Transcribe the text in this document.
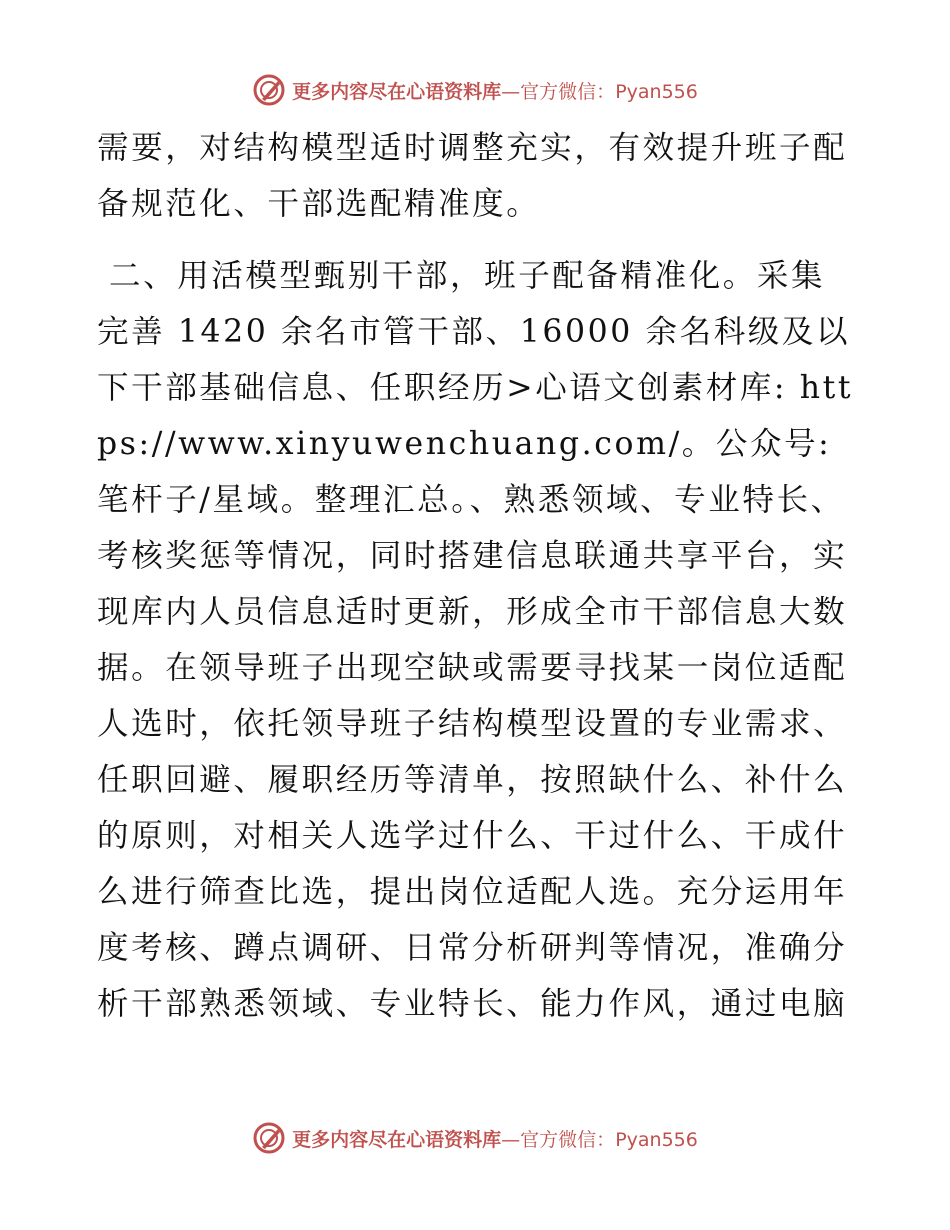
更多内容尽在心语资料库—官方微信：Pyan556

需要，对结构模型适时调整充实，有效提升班子配备规范化、干部选配精准度。

二、用活模型甄别干部，班子配备精准化。采集完善 1420 余名市管干部、16000 余名科级及以下干部基础信息、任职经历>心语文创素材库: https://www.xinyuwenchuang.com/。公众号: 笔杆子/星域。整理汇总。、熟悉领域、专业特长、考核奖惩等情况，同时搭建信息联通共享平台，实现库内人员信息适时更新，形成全市干部信息大数据。在领导班子出现空缺或需要寻找某一岗位适配人选时，依托领导班子结构模型设置的专业需求、任职回避、履职经历等清单，按照缺什么、补什么的原则，对相关人选学过什么、干过什么、干成什么进行筛查比选，提出岗位适配人选。充分运用年度考核、蹲点调研、日常分析研判等情况，准确分析干部熟悉领域、专业特长、能力作风，通过电脑

更多内容尽在心语资料库—官方微信：Pyan556
